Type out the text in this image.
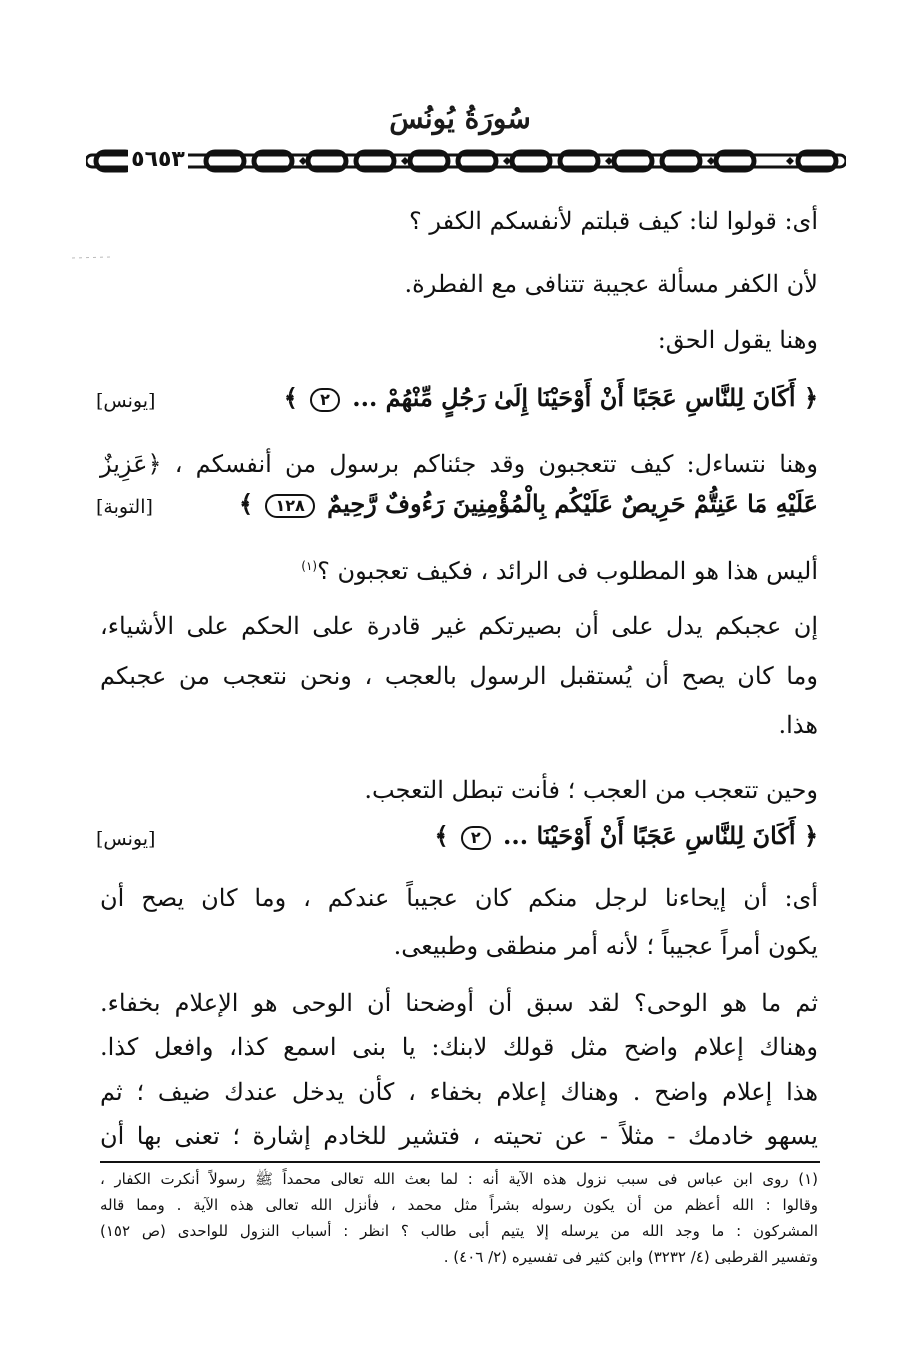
سُورَةُ يُونُسَ
٥٦٥٣
أى: قولوا لنا: كيف قبلتم لأنفسكم الكفر ؟
لأن الكفر مسألة عجيبة تتنافى مع الفطرة.
وهنا يقول الحق:
﴿ أَكَانَ لِلنَّاسِ عَجَبًا أَنْ أَوْحَيْنَا إِلَىٰ رَجُلٍ مِّنْهُمْ ... ٢ ﴾
[يونس]
وهنا نتساءل: كيف تتعجبون وقد جئناكم برسول من أنفسكم ، ﴿عَزِيزٌ
عَلَيْهِ مَا عَنِتُّمْ حَرِيصٌ عَلَيْكُم بِالْمُؤْمِنِينَ رَءُوفٌ رَّحِيمٌ ١٢٨ ﴾
[التوبة]
أليس هذا هو المطلوب فى الرائد ، فكيف تعجبون ؟$^{(١)}$
إن عجبكم يدل على أن بصيرتكم غير قادرة على الحكم على الأشياء،
وما كان يصح أن يُستقبل الرسول بالعجب ، ونحن نتعجب من عجبكم
هذا.
وحين تتعجب من العجب ؛ فأنت تبطل التعجب.
﴿ أَكَانَ لِلنَّاسِ عَجَبًا أَنْ أَوْحَيْنَا ... ٢ ﴾
[يونس]
أى: أن إيحاءنا لرجل منكم كان عجيباً عندكم ، وما كان يصح أن
يكون أمراً عجيباً ؛ لأنه أمر منطقى وطبيعى.
ثم ما هو الوحى؟ لقد سبق أن أوضحنا أن الوحى هو الإعلام بخفاء.
وهناك إعلام واضح مثل قولك لابنك: يا بنى اسمع كذا، وافعل كذا.
هذا إعلام واضح . وهناك إعلام بخفاء ، كأن يدخل عندك ضيف ؛ ثم
يسهو خادمك - مثلاً - عن تحيته ، فتشير للخادم إشارة ؛ تعنى بها أن
(١) روى ابن عباس فى سبب نزول هذه الآية أنه : لما بعث الله تعالى محمداً ﷺ رسولاً أنكرت الكفار ،
وقالوا : الله أعظم من أن يكون رسوله بشراً مثل محمد ، فأنزل الله تعالى هذه الآية . ومما قاله
المشركون : ما وجد الله من يرسله إلا يتيم أبى طالب ؟ انظر : أسباب النزول للواحدى (ص ١٥٢)
وتفسير القرطبى (٤/ ٣٢٣٢) وابن كثير فى تفسيره (٢/ ٤٠٦) .
